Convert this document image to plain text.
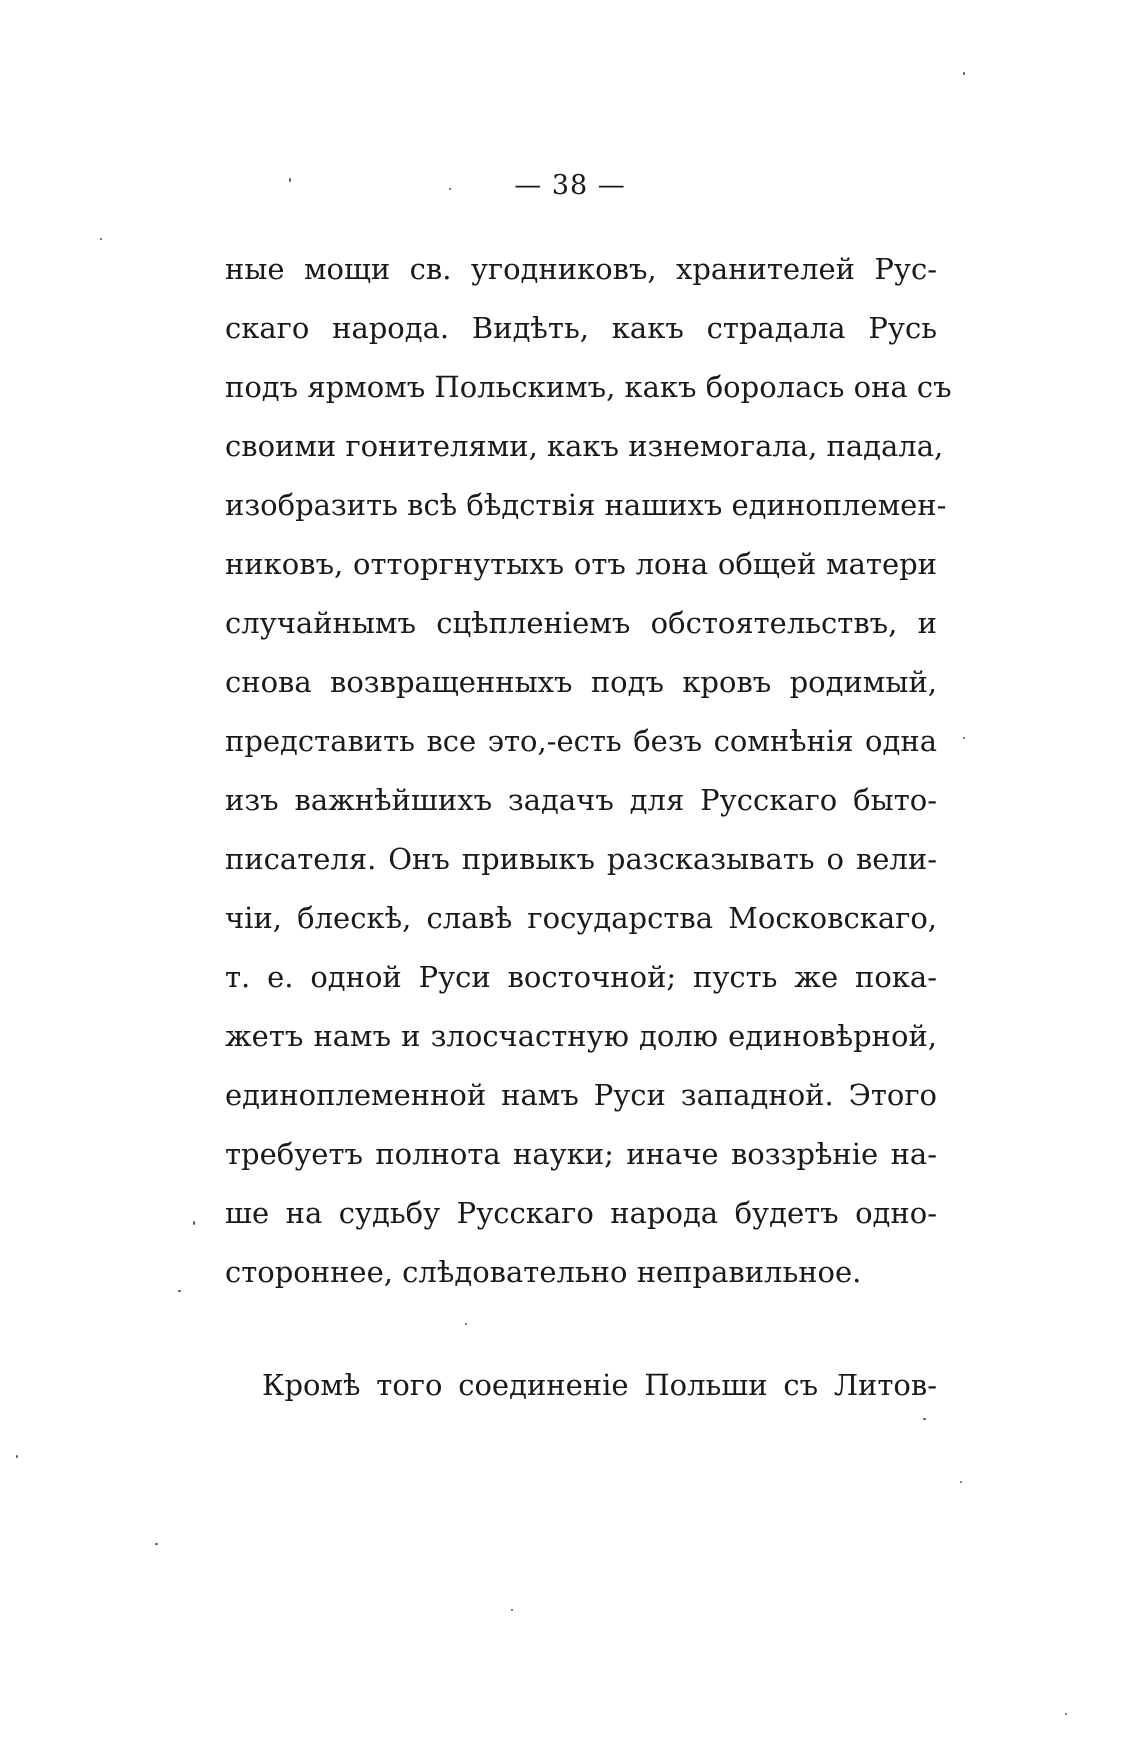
— 38 —
ные мощи св. угодниковъ, хранителей Рус-
скаго народа. Видѣть, какъ страдала Русь
подъ ярмомъ Польскимъ, какъ боролась она съ
своими гонителями, какъ изнемогала, падала,
изобразить всѣ бѣдствія нашихъ единоплемен-
никовъ, отторгнутыхъ отъ лона общей матери
случайнымъ сцѣпленіемъ обстоятельствъ, и
снова возвращенныхъ подъ кровъ родимый,
представить все это,-есть безъ сомнѣнія одна
изъ важнѣйшихъ задачъ для Русскаго быто-
писателя. Онъ привыкъ разсказывать о вели-
чіи, блескѣ, славѣ государства Московскаго,
т. е. одной Руси восточной; пусть же пока-
жетъ намъ и злосчастную долю единовѣрной,
единоплеменной намъ Руси западной. Этого
требуетъ полнота науки; иначе воззрѣніе на-
ше на судьбу Русскаго народа будетъ одно-
стороннее, слѣдовательно неправильное.
Кромѣ того соединеніе Польши съ Литов-
